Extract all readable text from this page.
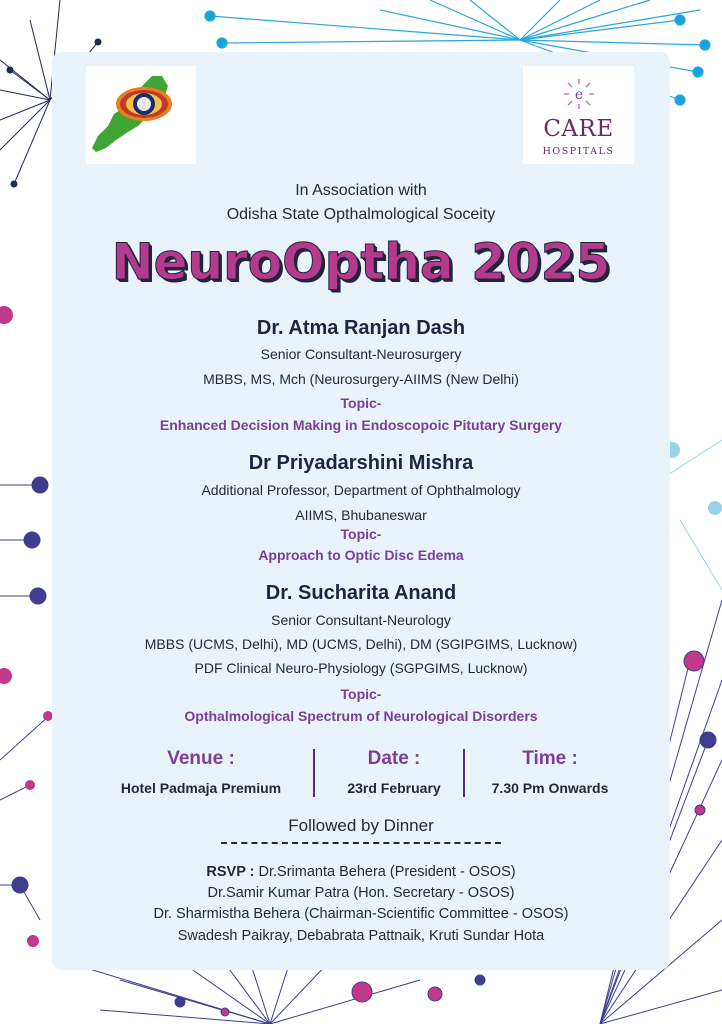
e
CARE
HOSPITALS
In Association with
Odisha State Opthalmological Soceity
NeuroOptha 2025
Dr. Atma Ranjan Dash
Senior Consultant-Neurosurgery
MBBS, MS, Mch (Neurosurgery-AIIMS (New Delhi)
Topic-
Enhanced Decision Making in Endoscopoic Pitutary Surgery
Dr Priyadarshini Mishra
Additional Professor, Department of Ophthalmology
AIIMS, Bhubaneswar
Topic-
Approach to Optic Disc Edema
Dr. Sucharita Anand
Senior Consultant-Neurology
MBBS (UCMS, Delhi), MD (UCMS, Delhi), DM (SGIPGIMS, Lucknow)
PDF Clinical Neuro-Physiology (SGPGIMS, Lucknow)
Topic-
Opthalmological Spectrum of Neurological Disorders
Venue :
Hotel Padmaja Premium
Date :
23rd February
Time :
7.30 Pm Onwards
Followed by Dinner
RSVP : Dr.Srimanta Behera (President - OSOS)
Dr.Samir Kumar Patra (Hon. Secretary - OSOS)
Dr. Sharmistha Behera (Chairman-Scientific Committee - OSOS)
Swadesh Paikray, Debabrata Pattnaik, Kruti Sundar Hota
